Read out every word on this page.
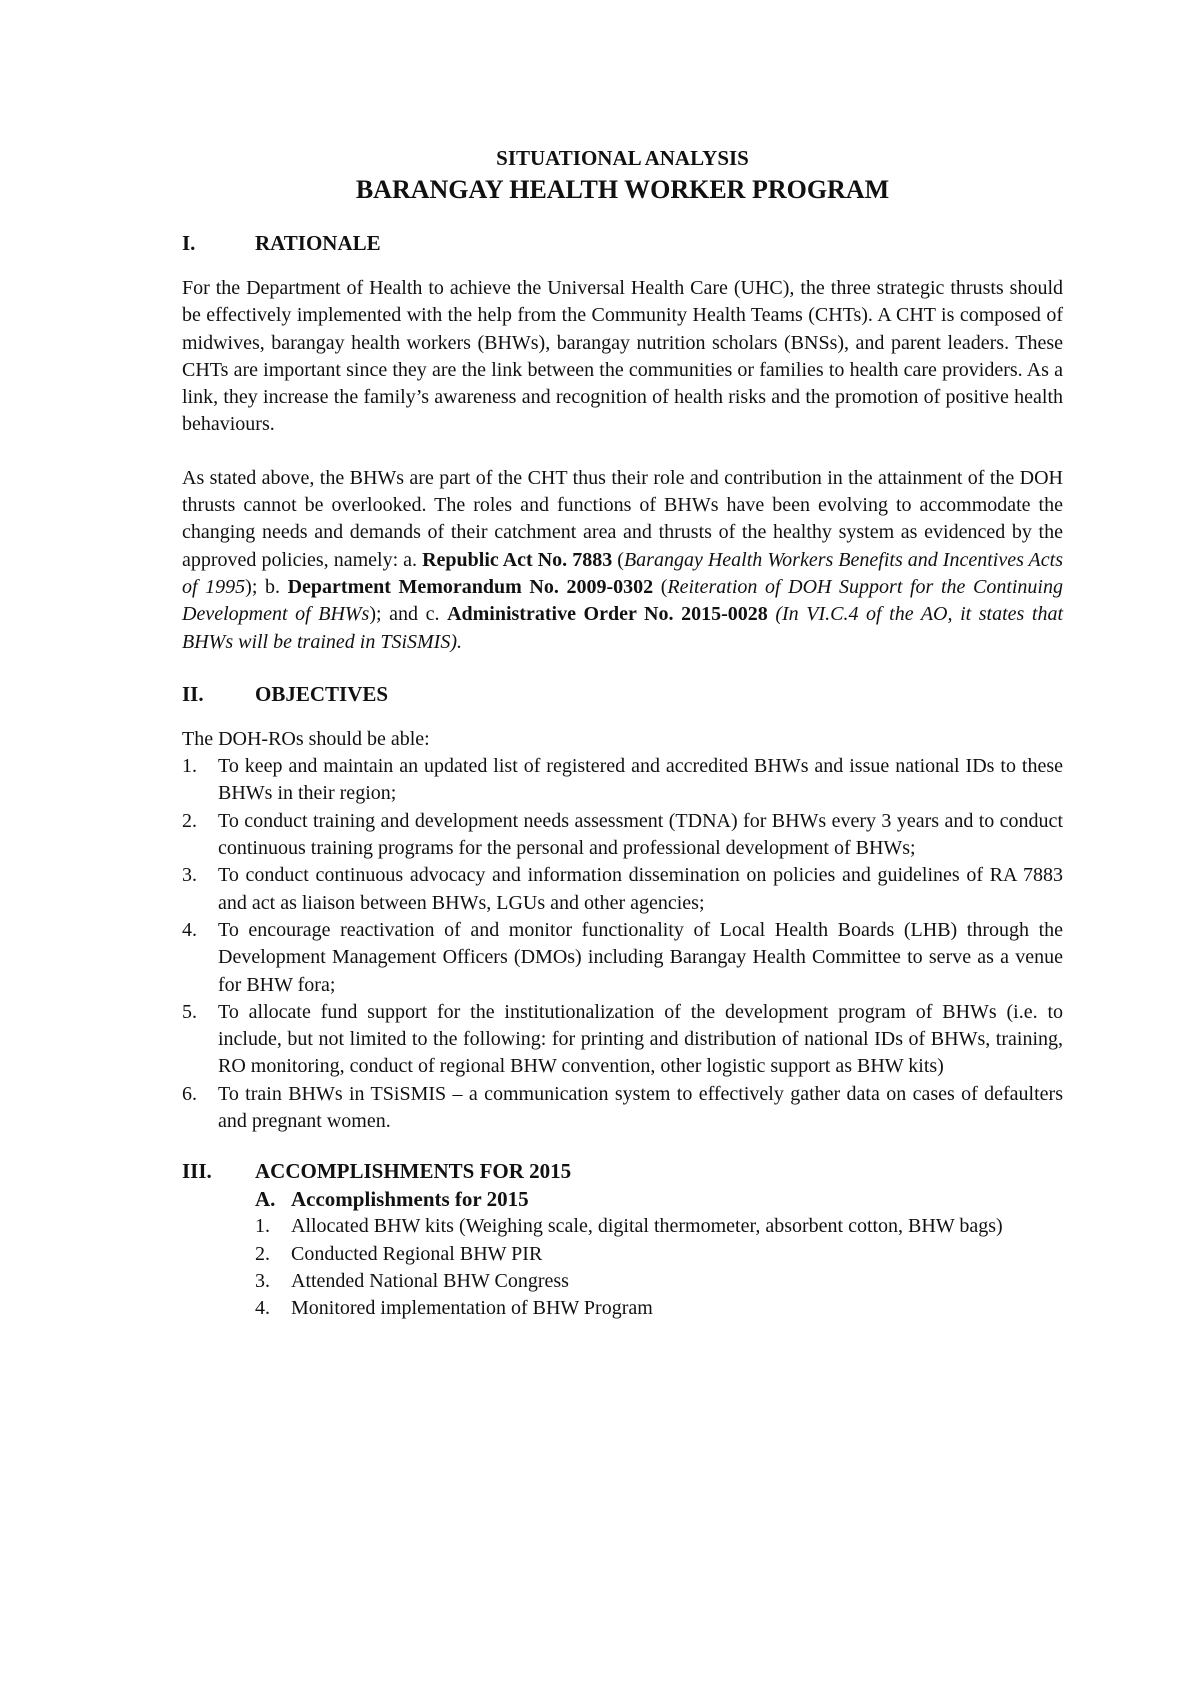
SITUATIONAL ANALYSIS
BARANGAY HEALTH WORKER PROGRAM
I.	RATIONALE

For the Department of Health to achieve the Universal Health Care (UHC), the three strategic thrusts should be effectively implemented with the help from the Community Health Teams (CHTs). A CHT is composed of midwives, barangay health workers (BHWs), barangay nutrition scholars (BNSs), and parent leaders. These CHTs are important since they are the link between the communities or families to health care providers. As a link, they increase the family’s awareness and recognition of health risks and the promotion of positive health behaviours.

As stated above, the BHWs are part of the CHT thus their role and contribution in the attainment of the DOH thrusts cannot be overlooked. The roles and functions of BHWs have been evolving to accommodate the changing needs and demands of their catchment area and thrusts of the healthy system as evidenced by the approved policies, namely: a. Republic Act No. 7883 (Barangay Health Workers Benefits and Incentives Acts of 1995); b. Department Memorandum No. 2009-0302 (Reiteration of DOH Support for the Continuing Development of BHWs); and c. Administrative Order No. 2015-0028 (In VI.C.4 of the AO, it states that BHWs will be trained in TSiSMIS).

II.	OBJECTIVES

The DOH-ROs should be able:

1.	To keep and maintain an updated list of registered and accredited BHWs and issue national IDs to these BHWs in their region;
2.	To conduct training and development needs assessment (TDNA) for BHWs every 3 years and to conduct continuous training programs for the personal and professional development of BHWs;
3.	To conduct continuous advocacy and information dissemination on policies and guidelines of RA 7883 and act as liaison between BHWs, LGUs and other agencies;
4.	To encourage reactivation of and monitor functionality of Local Health Boards (LHB) through the Development Management Officers (DMOs) including Barangay Health Committee to serve as a venue for BHW fora;
5.	To allocate fund support for the institutionalization of the development program of BHWs (i.e. to include, but not limited to the following: for printing and distribution of national IDs of BHWs, training, RO monitoring, conduct of regional BHW convention, other logistic support as BHW kits)
6.	To train BHWs in TSiSMIS – a communication system to effectively gather data on cases of defaulters and pregnant women.
III.	ACCOMPLISHMENTS FOR 2015
A. Accomplishments for 2015
1.	Allocated BHW kits (Weighing scale, digital thermometer, absorbent cotton, BHW bags)
2.	Conducted Regional BHW PIR
3.	Attended National BHW Congress
4.	Monitored implementation of BHW Program
